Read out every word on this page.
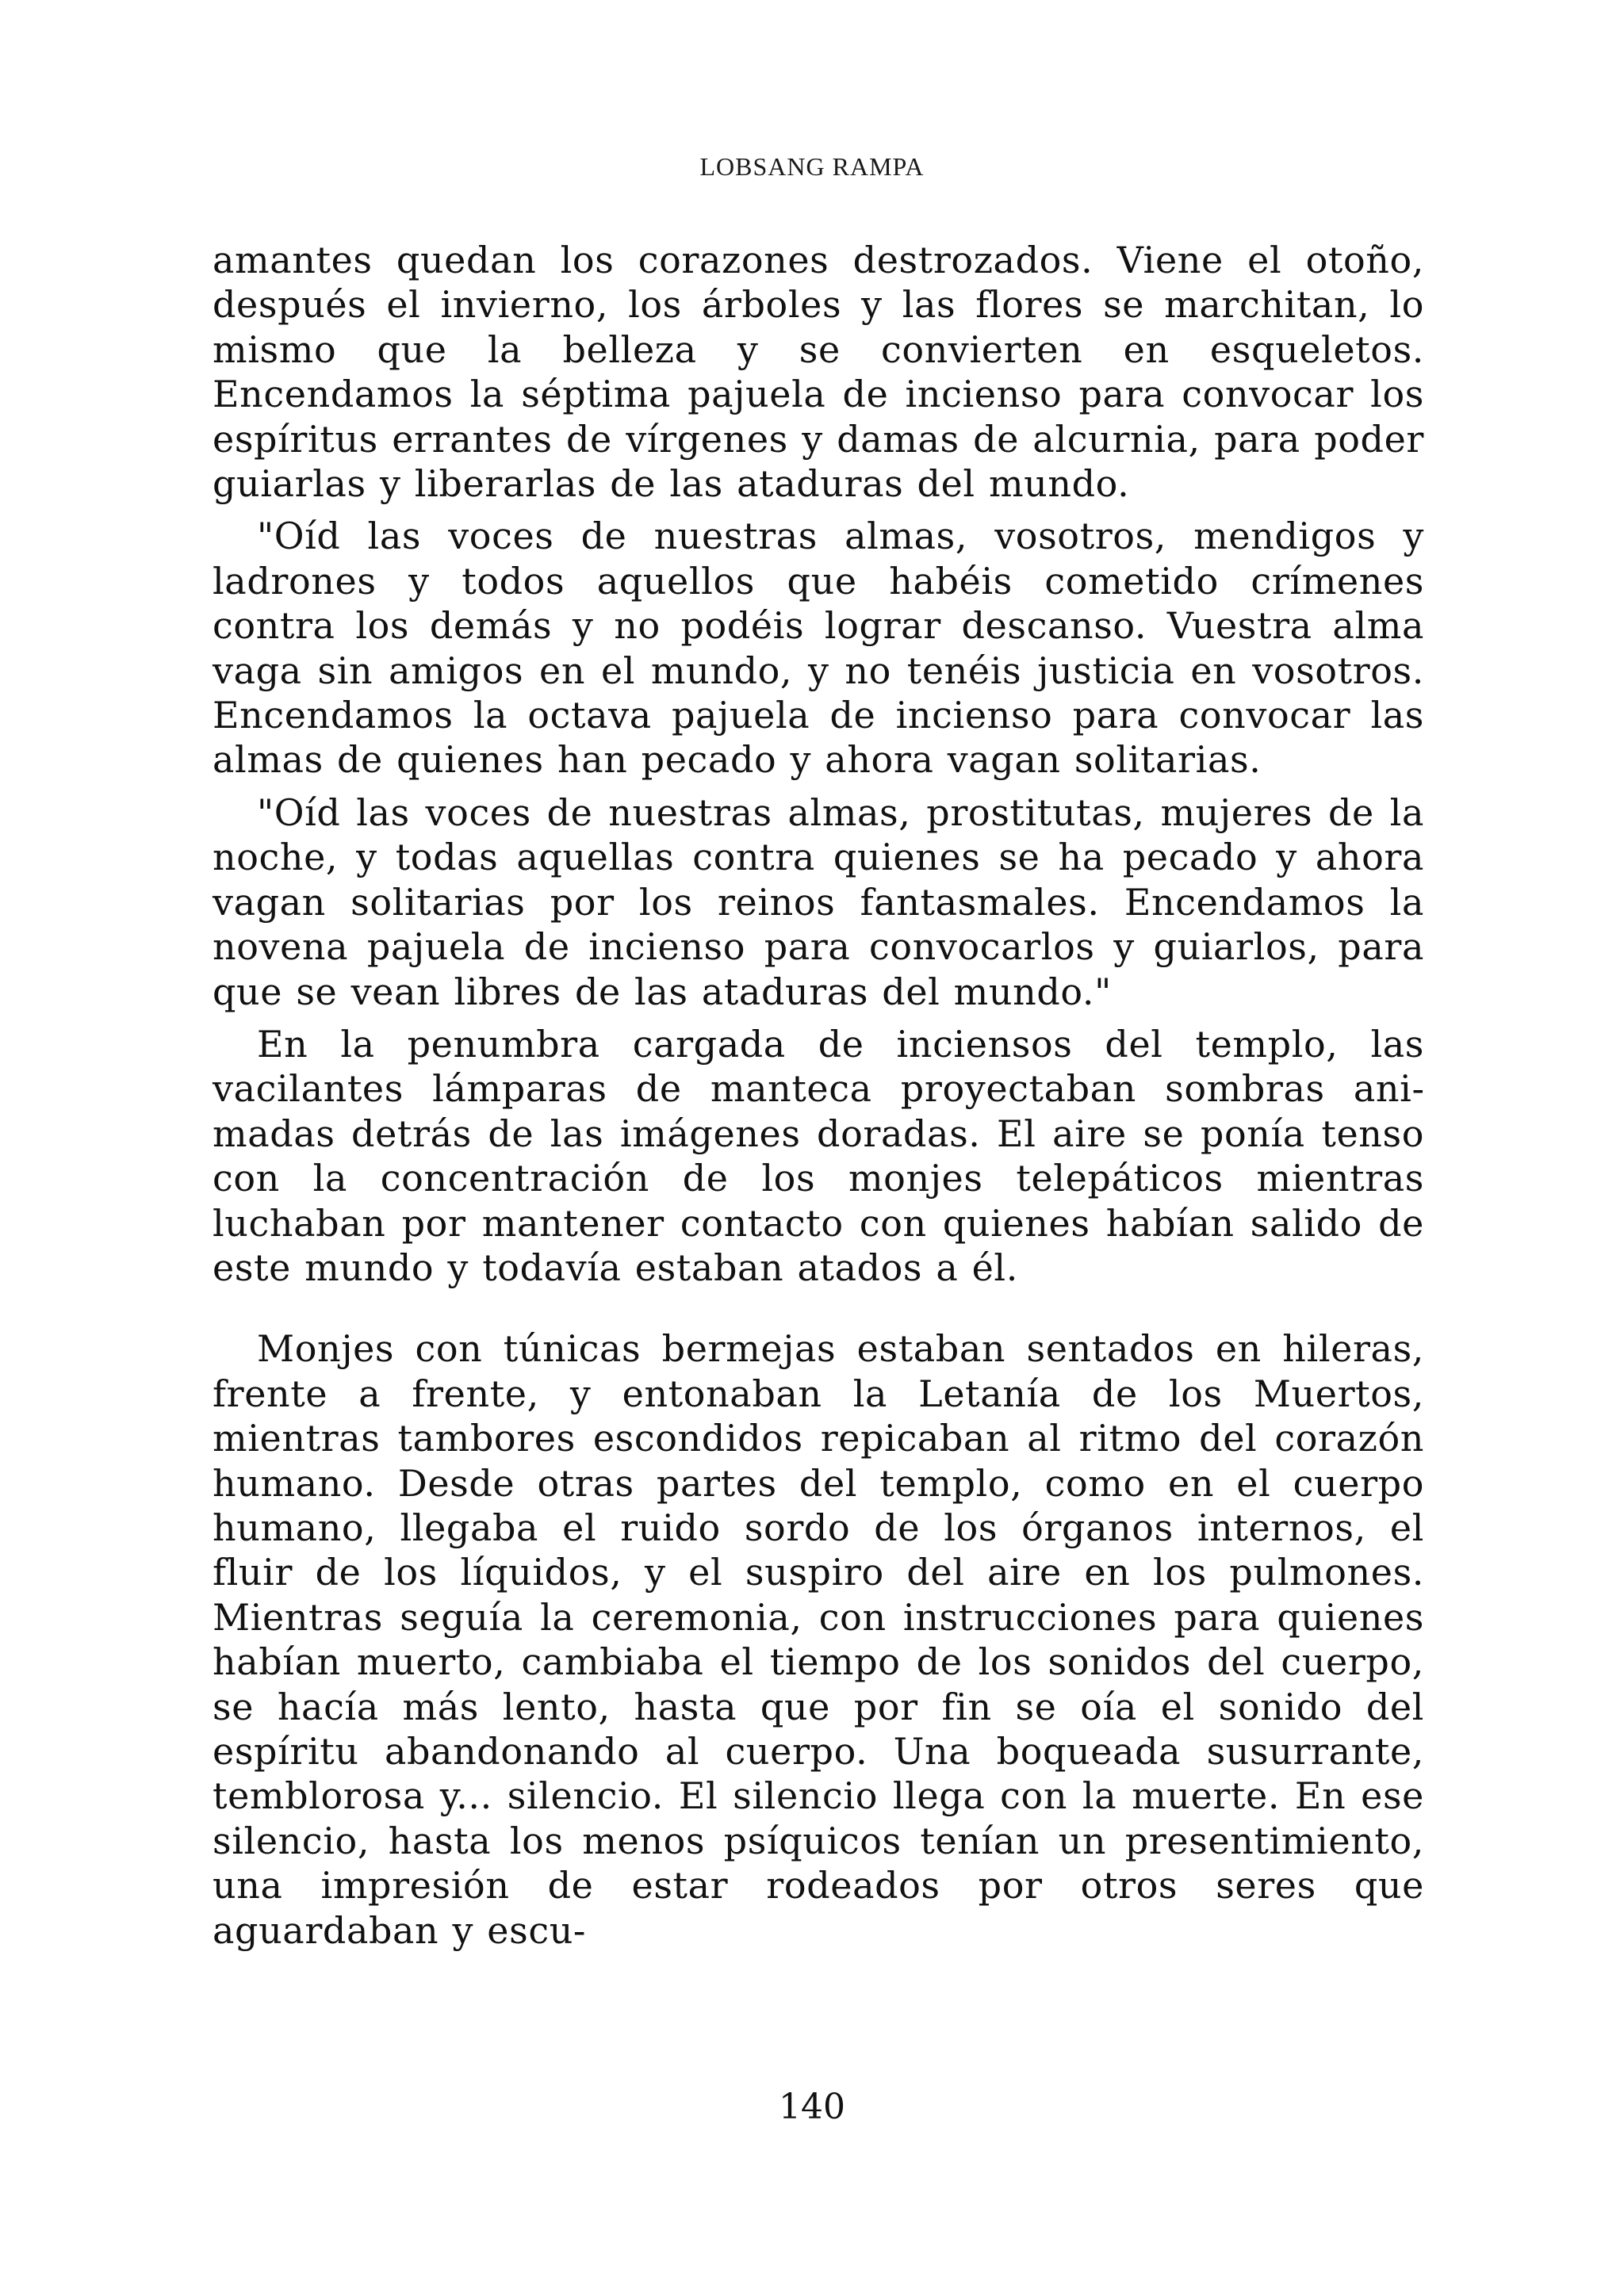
LOBSANG RAMPA

amantes quedan los corazones destrozados. Viene el otoño, después el invierno, los árboles y las flores se marchitan, lo mismo que la belleza y se convierten en esqueletos. Encendamos la séptima pajuela de incienso para convocar los espíritus errantes de vírgenes y damas de alcurnia, para poder guiarlas y liberarlas de las ataduras del mundo.

"Oíd las voces de nuestras almas, vosotros, mendigos y ladrones y todos aquellos que habéis cometido crímenes contra los demás y no podéis lograr descanso. Vuestra alma vaga sin amigos en el mundo, y no tenéis justicia en vosotros. Encendamos la octava pajuela de incienso para convocar las almas de quienes han pecado y ahora vagan solitarias.

"Oíd las voces de nuestras almas, prostitutas, mujeres de la noche, y todas aquellas contra quienes se ha pecado y ahora vagan solitarias por los reinos fantasmales. Encendamos la novena pajuela de incienso para convocarlos y guiarlos, para que se vean libres de las ataduras del mundo."

En la penumbra cargada de inciensos del templo, las vacilantes lámparas de manteca proyectaban sombras animadas detrás de las imágenes doradas. El aire se ponía tenso con la concentración de los monjes telepáticos mientras luchaban por mantener contacto con quienes habían salido de este mundo y todavía estaban atados a él.

Monjes con túnicas bermejas estaban sentados en hileras, frente a frente, y entonaban la Letanía de los Muertos, mientras tambores escondidos repicaban al ritmo del corazón humano. Desde otras partes del templo, como en el cuerpo humano, llegaba el ruido sordo de los órganos internos, el fluir de los líquidos, y el suspiro del aire en los pulmones. Mientras seguía la ceremonia, con instrucciones para quienes habían muerto, cambiaba el tiempo de los sonidos del cuerpo, se hacía más lento, hasta que por fin se oía el sonido del espíritu abandonando al cuerpo. Una boqueada susurrante, temblorosa y... silencio. El silencio llega con la muerte. En ese silencio, hasta los menos psíquicos tenían un presentimiento, una impresión de estar rodeados por otros seres que aguardaban y escu-

140
